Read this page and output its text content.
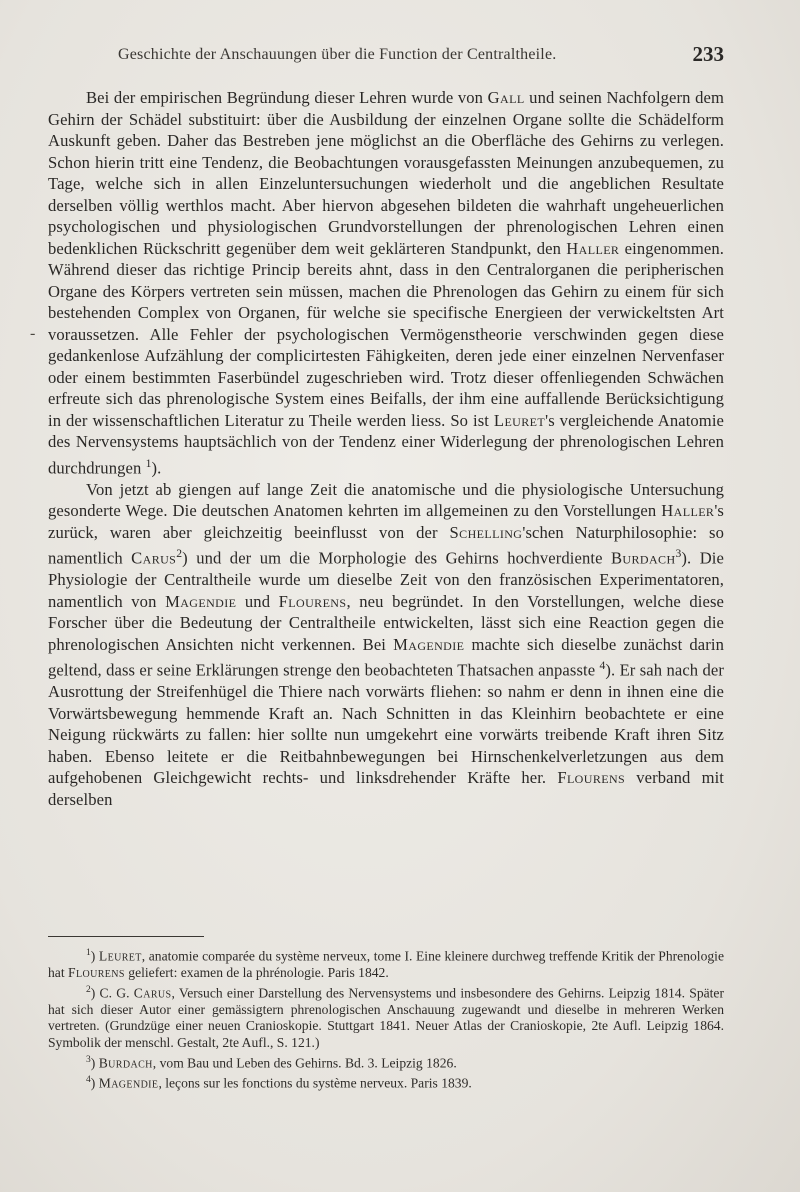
Geschichte der Anschauungen über die Function der Centraltheile.	233
-

Bei der empirischen Begründung dieser Lehren wurde von Gall und seinen Nachfolgern dem Gehirn der Schädel substituirt: über die Ausbildung der einzelnen Organe sollte die Schädelform Auskunft geben. Daher das Bestreben jene möglichst an die Oberfläche des Gehirns zu verlegen. Schon hierin tritt eine Tendenz, die Beobachtungen vorausgefassten Meinungen anzubequemen, zu Tage, welche sich in allen Einzeluntersuchungen wiederholt und die angeblichen Resultate derselben völlig werthlos macht. Aber hiervon abgesehen bildeten die wahrhaft ungeheuerlichen psychologischen und physiologischen Grundvorstellungen der phrenologischen Lehren einen bedenklichen Rückschritt gegenüber dem weit geklärteren Standpunkt, den Haller eingenommen. Während dieser das richtige Princip bereits ahnt, dass in den Centralorganen die peripherischen Organe des Körpers vertreten sein müssen, machen die Phrenologen das Gehirn zu einem für sich bestehenden Complex von Organen, für welche sie specifische Energieen der verwickeltsten Art voraussetzen. Alle Fehler der psychologischen Vermögenstheorie verschwinden gegen diese gedankenlose Aufzählung der complicirtesten Fähigkeiten, deren jede einer einzelnen Nervenfaser oder einem bestimmten Faserbündel zugeschrieben wird. Trotz dieser offenliegenden Schwächen erfreute sich das phrenologische System eines Beifalls, der ihm eine auffallende Berücksichtigung in der wissenschaftlichen Literatur zu Theile werden liess. So ist Leuret's vergleichende Anatomie des Nervensystems hauptsächlich von der Tendenz einer Widerlegung der phrenologischen Lehren durchdrungen $^1$).

Von jetzt ab giengen auf lange Zeit die anatomische und die physiologische Untersuchung gesonderte Wege. Die deutschen Anatomen kehrten im allgemeinen zu den Vorstellungen Haller's zurück, waren aber gleichzeitig beeinflusst von der Schelling'schen Naturphilosophie: so namentlich Carus$^2$) und der um die Morphologie des Gehirns hochverdiente Burdach$^3$). Die Physiologie der Centraltheile wurde um dieselbe Zeit von den französischen Experimentatoren, namentlich von Magendie und Flourens, neu begründet. In den Vorstellungen, welche diese Forscher über die Bedeutung der Centraltheile entwickelten, lässt sich eine Reaction gegen die phrenologischen Ansichten nicht verkennen. Bei Magendie machte sich dieselbe zunächst darin geltend, dass er seine Erklärungen strenge den beobachteten Thatsachen anpasste $^4$). Er sah nach der Ausrottung der Streifenhügel die Thiere nach vorwärts fliehen: so nahm er denn in ihnen eine die Vorwärtsbewegung hemmende Kraft an. Nach Schnitten in das Kleinhirn beobachtete er eine Neigung rückwärts zu fallen: hier sollte nun umgekehrt eine vorwärts treibende Kraft ihren Sitz haben. Ebenso leitete er die Reitbahnbewegungen bei Hirnschenkelverletzungen aus dem aufgehobenen Gleichgewicht rechts- und linksdrehender Kräfte her. Flourens verband mit derselben

$^1$) Leuret, anatomie comparée du système nerveux, tome I. Eine kleinere durchweg treffende Kritik der Phrenologie hat Flourens geliefert: examen de la phrénologie. Paris 1842.

$^2$) C. G. Carus, Versuch einer Darstellung des Nervensystems und insbesondere des Gehirns. Leipzig 1814. Später hat sich dieser Autor einer gemässigtern phrenologischen Anschauung zugewandt und dieselbe in mehreren Werken vertreten. (Grundzüge einer neuen Cranioskopie. Stuttgart 1841. Neuer Atlas der Cranioskopie, 2te Aufl. Leipzig 1864. Symbolik der menschl. Gestalt, 2te Aufl., S. 121.)

$^3$) Burdach, vom Bau und Leben des Gehirns. Bd. 3. Leipzig 1826.

$^4$) Magendie, leçons sur les fonctions du système nerveux. Paris 1839.
